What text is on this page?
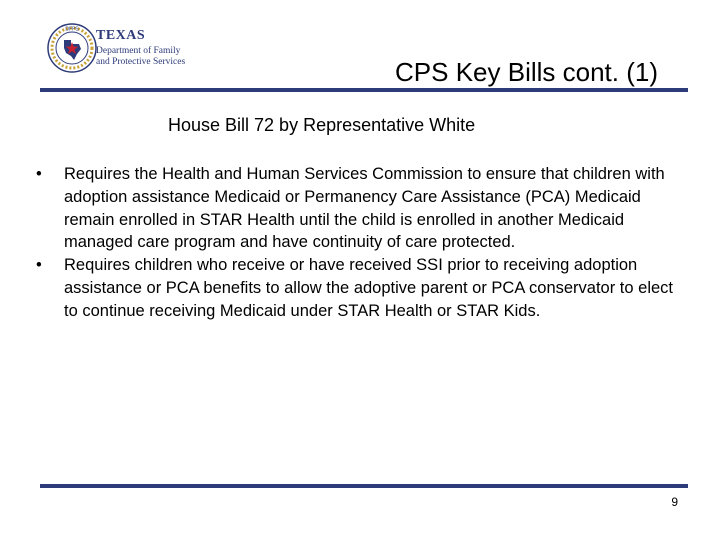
DFPS TEXAS
Department of Family
and Protective Services	CPS Key Bills cont. (1)
House Bill 72 by Representative White
• Requires the Health and Human Services Commission to ensure that children with adoption assistance Medicaid or Permanency Care Assistance (PCA) Medicaid remain enrolled in STAR Health until the child is enrolled in another Medicaid managed care program and have continuity of care protected.
• Requires children who receive or have received SSI prior to receiving adoption assistance or PCA benefits to allow the adoptive parent or PCA conservator to elect to continue receiving Medicaid under STAR Health or STAR Kids.
9
